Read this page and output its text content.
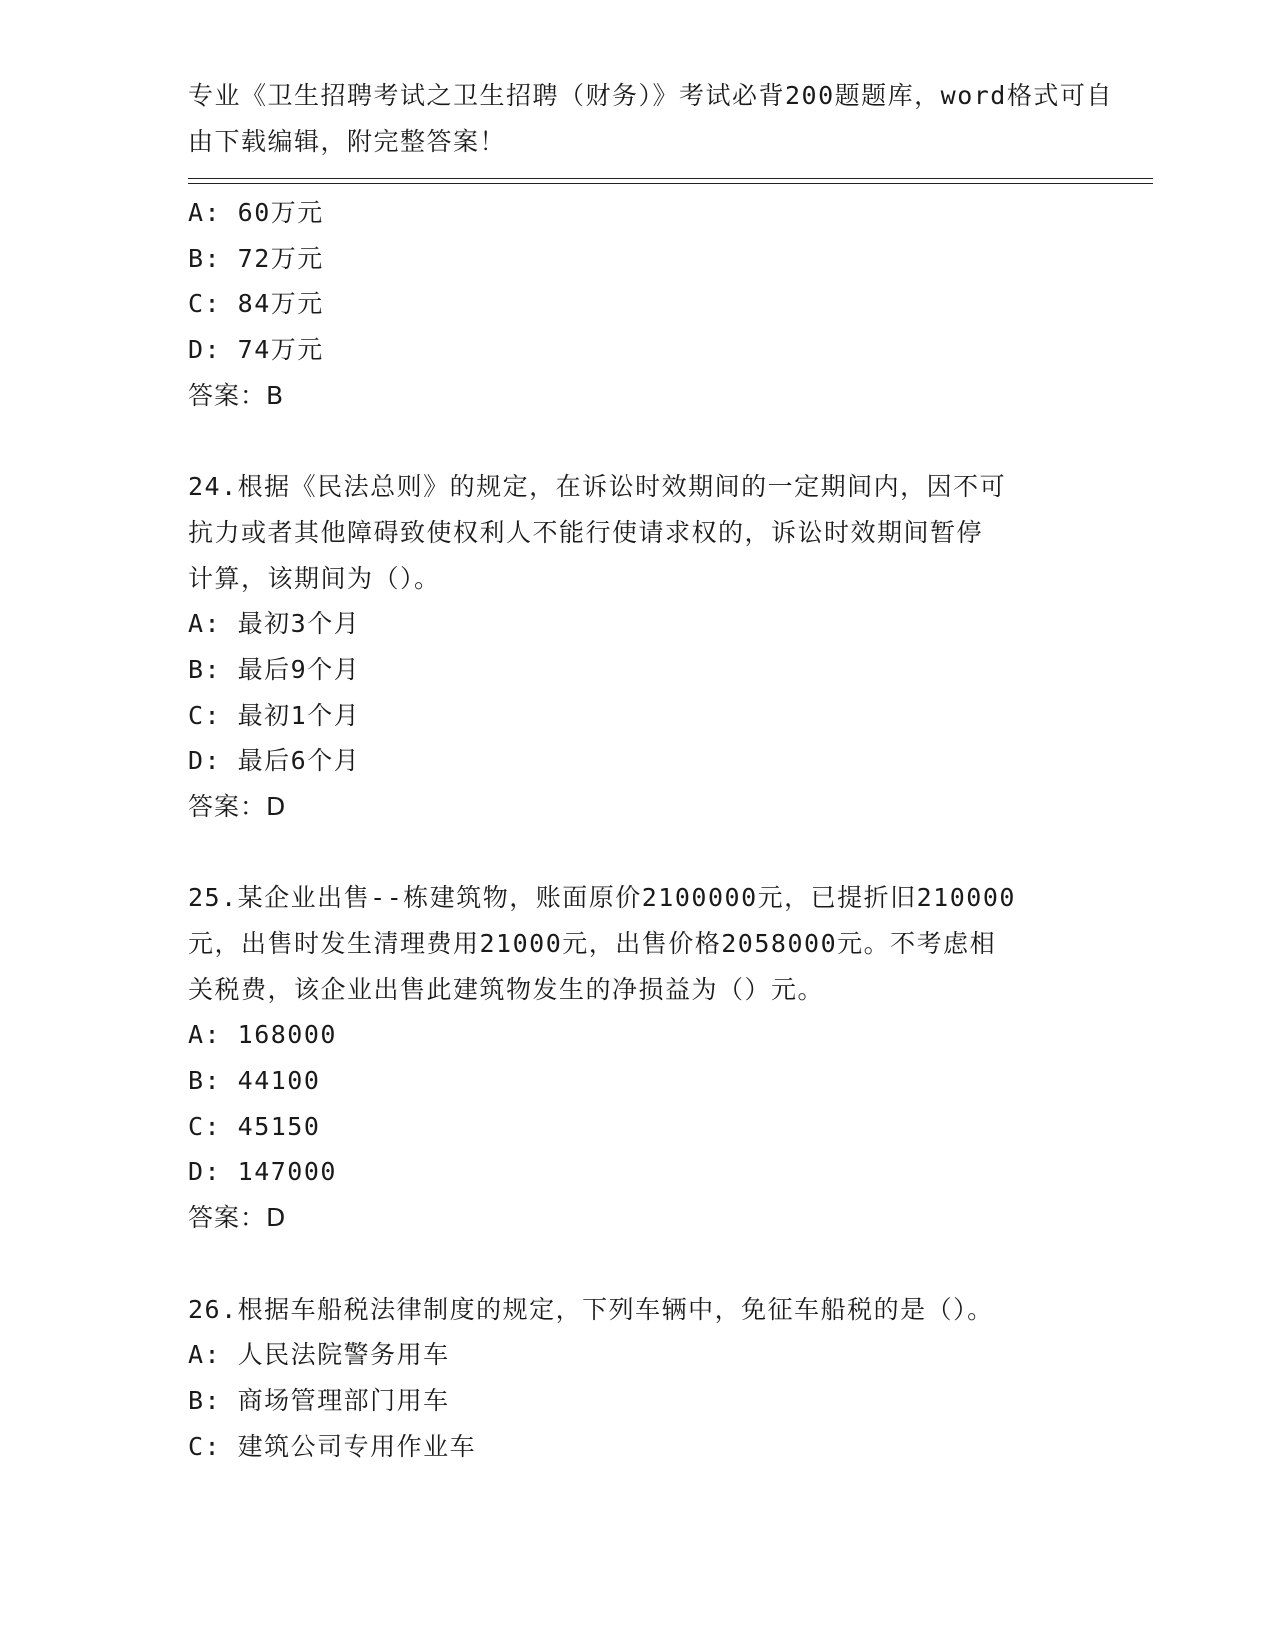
专业《卫生招聘考试之卫生招聘（财务）》考试必背200题题库，word格式可自
由下载编辑，附完整答案！
A: 60万元
B: 72万元
C: 84万元
D: 74万元
答案：B
24.根据《民法总则》的规定，在诉讼时效期间的一定期间内，因不可
抗力或者其他障碍致使权利人不能行使请求权的，诉讼时效期间暂停
计算，该期间为（）。
A: 最初3个月
B: 最后9个月
C: 最初1个月
D: 最后6个月
答案：D
25.某企业出售--栋建筑物，账面原价2100000元，已提折旧210000
元，出售时发生清理费用21000元，出售价格2058000元。不考虑相
关税费，该企业出售此建筑物发生的净损益为（）元。
A: 168000
B: 44100
C: 45150
D: 147000
答案：D
26.根据车船税法律制度的规定，下列车辆中，免征车船税的是（）。
A: 人民法院警务用车
B: 商场管理部门用车
C: 建筑公司专用作业车
